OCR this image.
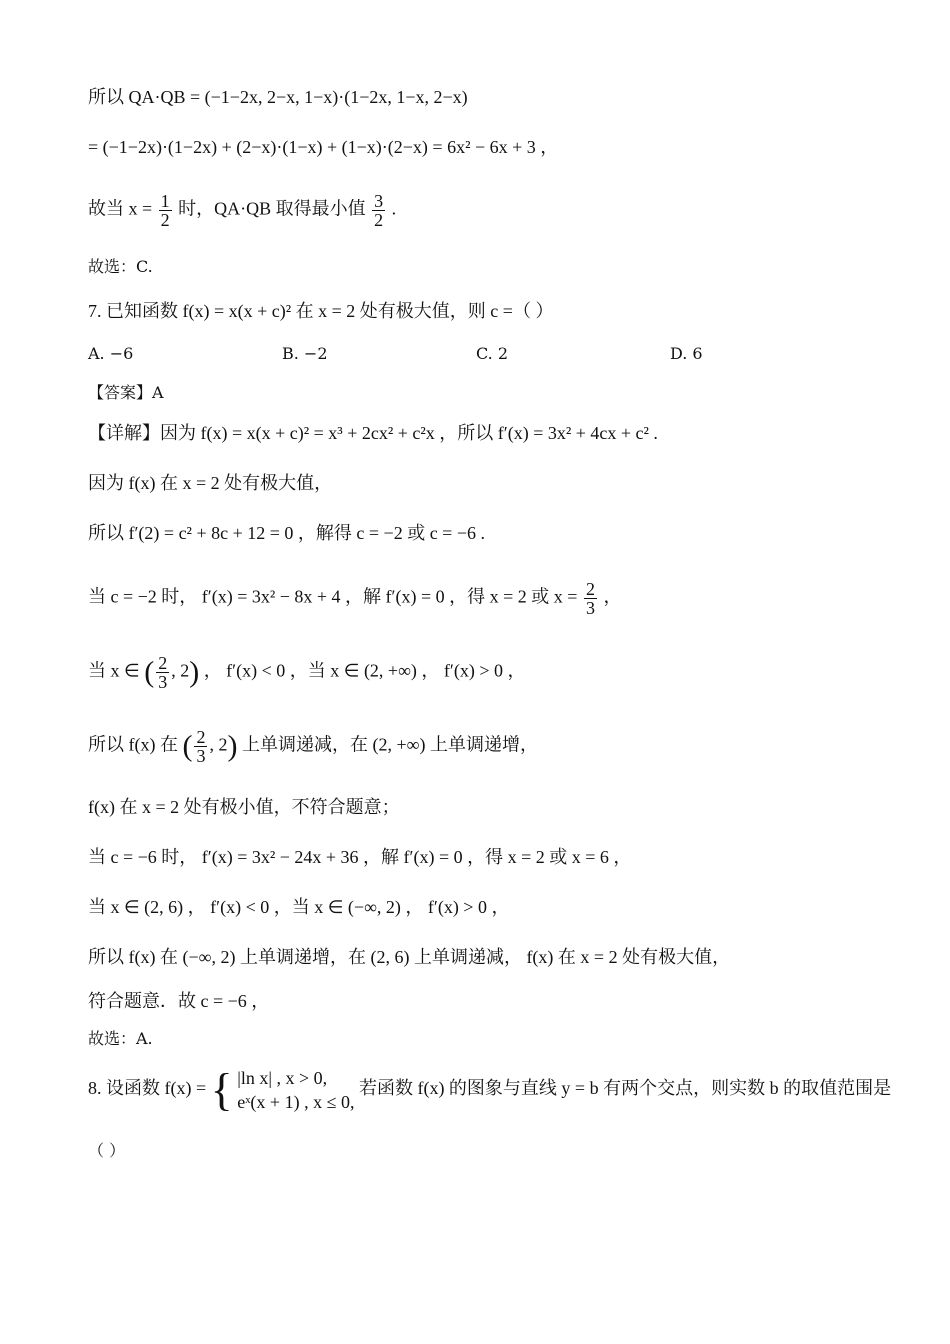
所以 QA·QB = (−1−2x, 2−x, 1−x)·(1−2x, 1−x, 2−x)
= (−1−2x)·(1−2x) + (2−x)·(1−x) + (1−x)·(2−x) = 6x² − 6x + 3 ，
故当 $x = \frac{1}{2}$ 时，QA·QB 取得最小值 $\frac{3}{2}$ .
故选：C.
7. 已知函数 f(x) = x(x + c)² 在 x = 2 处有极大值，则 c =（ ）
A. −6	B. −2	C. 2	D. 6
【答案】A
【详解】因为 f(x) = x(x + c)² = x³ + 2cx² + c²x ，所以 f′(x) = 3x² + 4cx + c² .
因为 f(x) 在 x = 2 处有极大值，
所以 f′(2) = c² + 8c + 12 = 0 ，解得 c = −2 或 c = −6 .
当 c = −2 时， f′(x) = 3x² − 8x + 4 ，解 f′(x) = 0 ，得 x = 2 或 $x = \frac{2}{3}$ ，
当 x ∈ ( $\frac{2}{3}$ , 2) ， f′(x) < 0 ，当 x ∈ (2, +∞) ， f′(x) > 0 ，
所以 f(x) 在 ( $\frac{2}{3}$ , 2) 上单调递减，在 (2, +∞) 上单调递增，
f(x) 在 x = 2 处有极小值，不符合题意；
当 c = −6 时， f′(x) = 3x² − 24x + 36 ，解 f′(x) = 0 ，得 x = 2 或 x = 6 ，
当 x ∈ (2, 6) ， f′(x) < 0 ，当 x ∈ (−∞, 2) ， f′(x) > 0 ，
所以 f(x) 在 (−∞, 2) 上单调递增，在 (2, 6) 上单调递减， f(x) 在 x = 2 处有极大值，
符合题意．故 c = −6 ，
故选：A.
8. 设函数 f(x) = { |ln x| , x > 0,
eˣ(x + 1) , x ≤ 0,
若函数 f(x) 的图象与直线 y = b 有两个交点，则实数 b 的取值范围是
（ ）
